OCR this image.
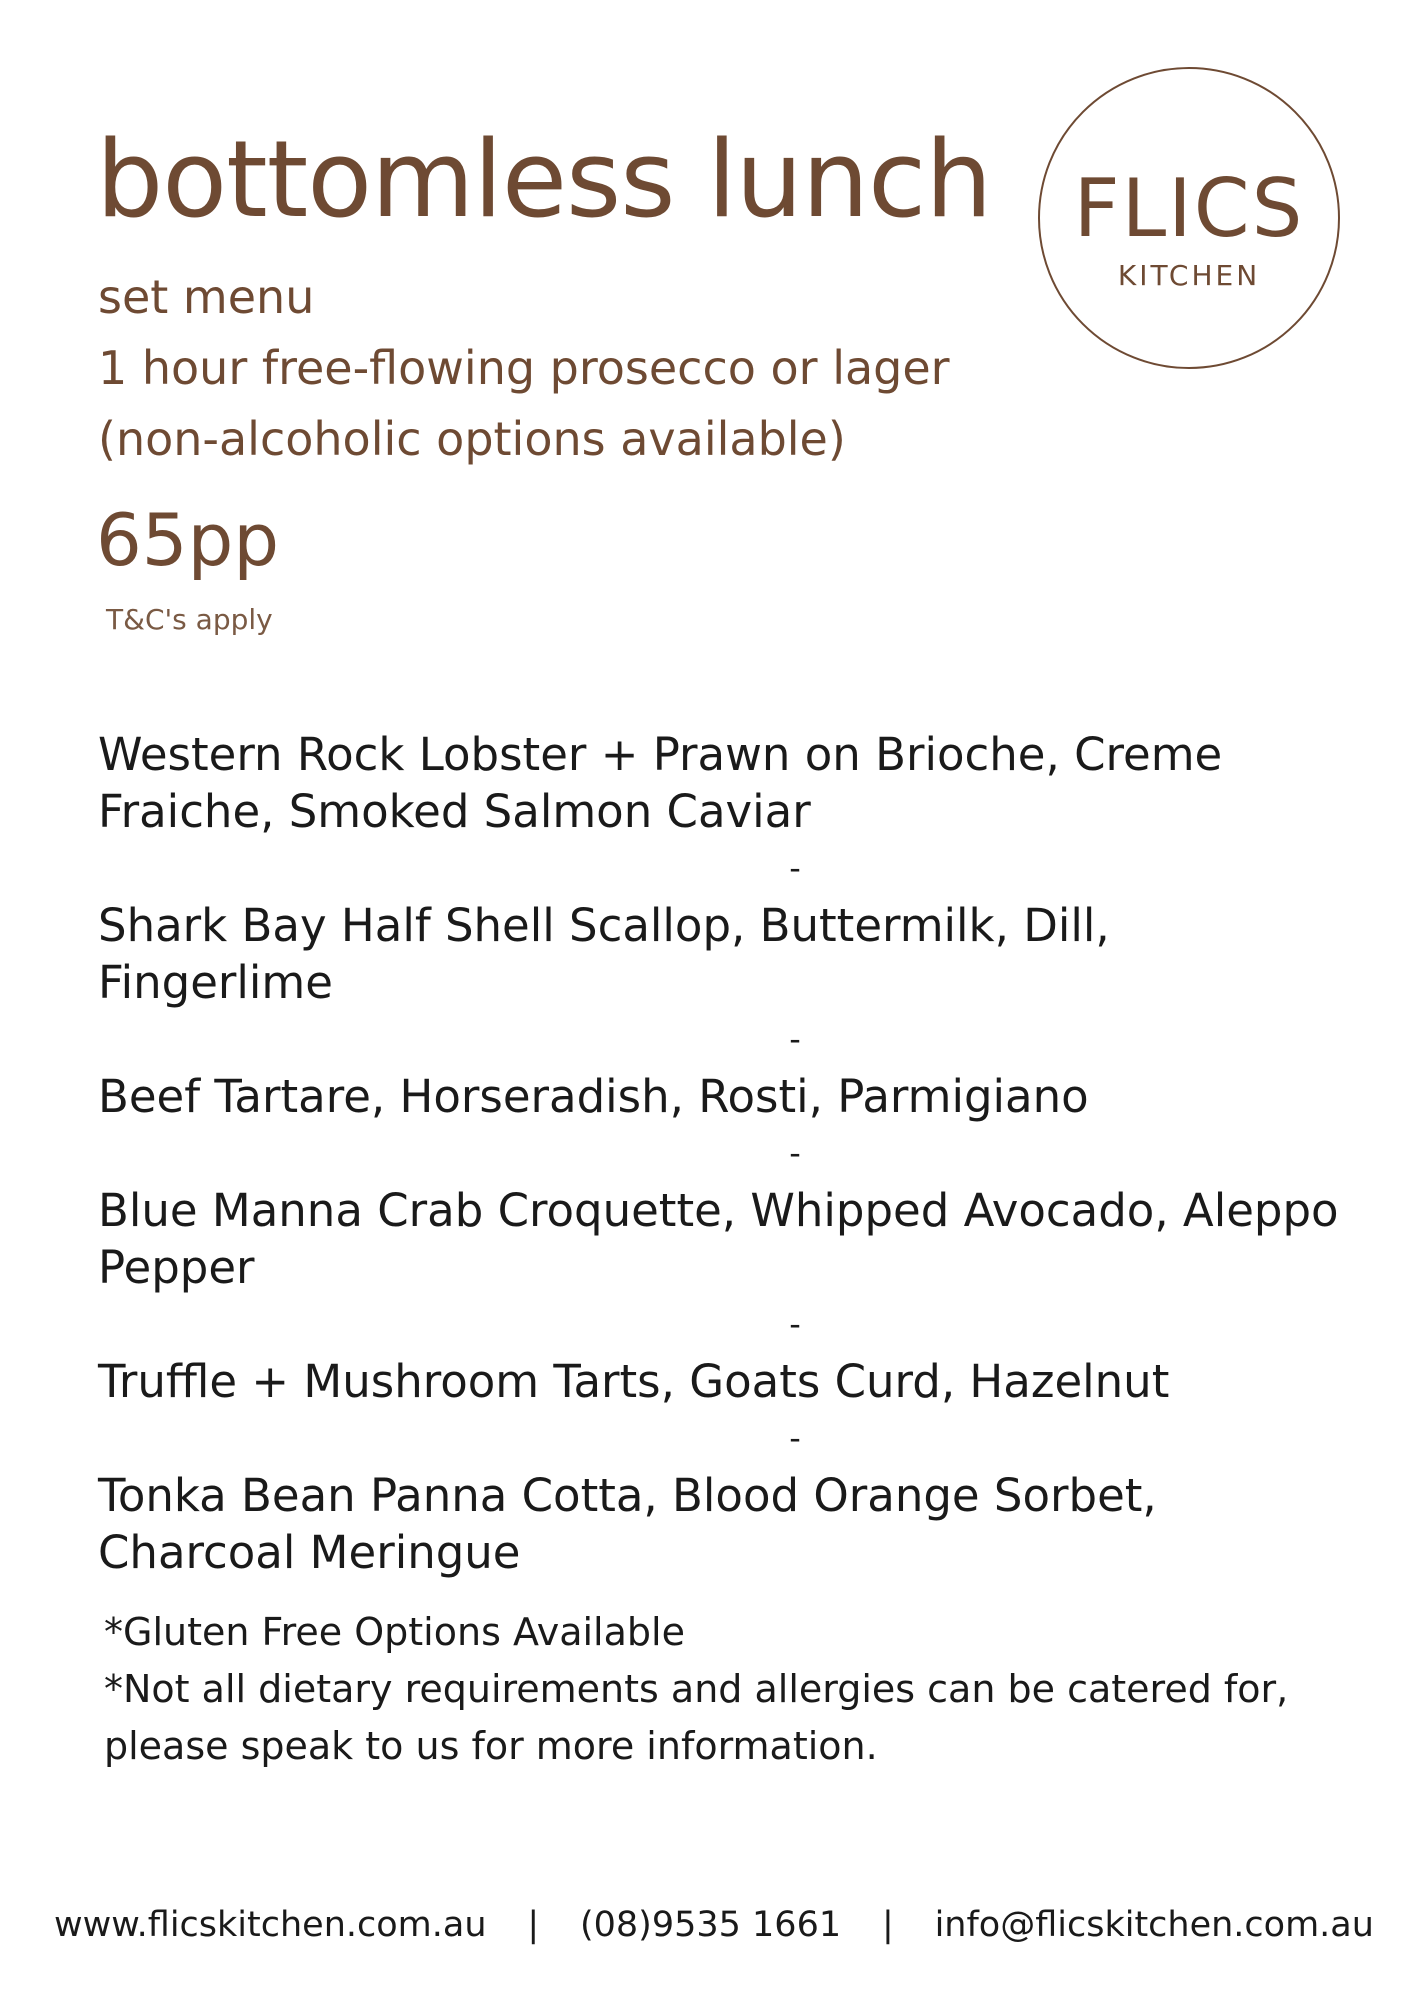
bottomless lunch

set menu

1 hour free-flowing prosecco or lager

(non-alcoholic options available)

65pp

T&C's apply

FLICS
KITCHEN
Western Rock Lobster + Prawn on Brioche, Creme Fraiche, Smoked Salmon Caviar
-
Shark Bay Half Shell Scallop, Buttermilk, Dill, Fingerlime
-
Beef Tartare, Horseradish, Rosti, Parmigiano
-
Blue Manna Crab Croquette, Whipped Avocado, Aleppo Pepper
-
Truffle + Mushroom Tarts, Goats Curd, Hazelnut
-
Tonka Bean Panna Cotta, Blood Orange Sorbet, Charcoal Meringue
*Gluten Free Options Available
*Not all dietary requirements and allergies can be catered for, please speak to us for more information.
www.flicskitchen.com.au | (08)9535 1661 | info@flicskitchen.com.au
